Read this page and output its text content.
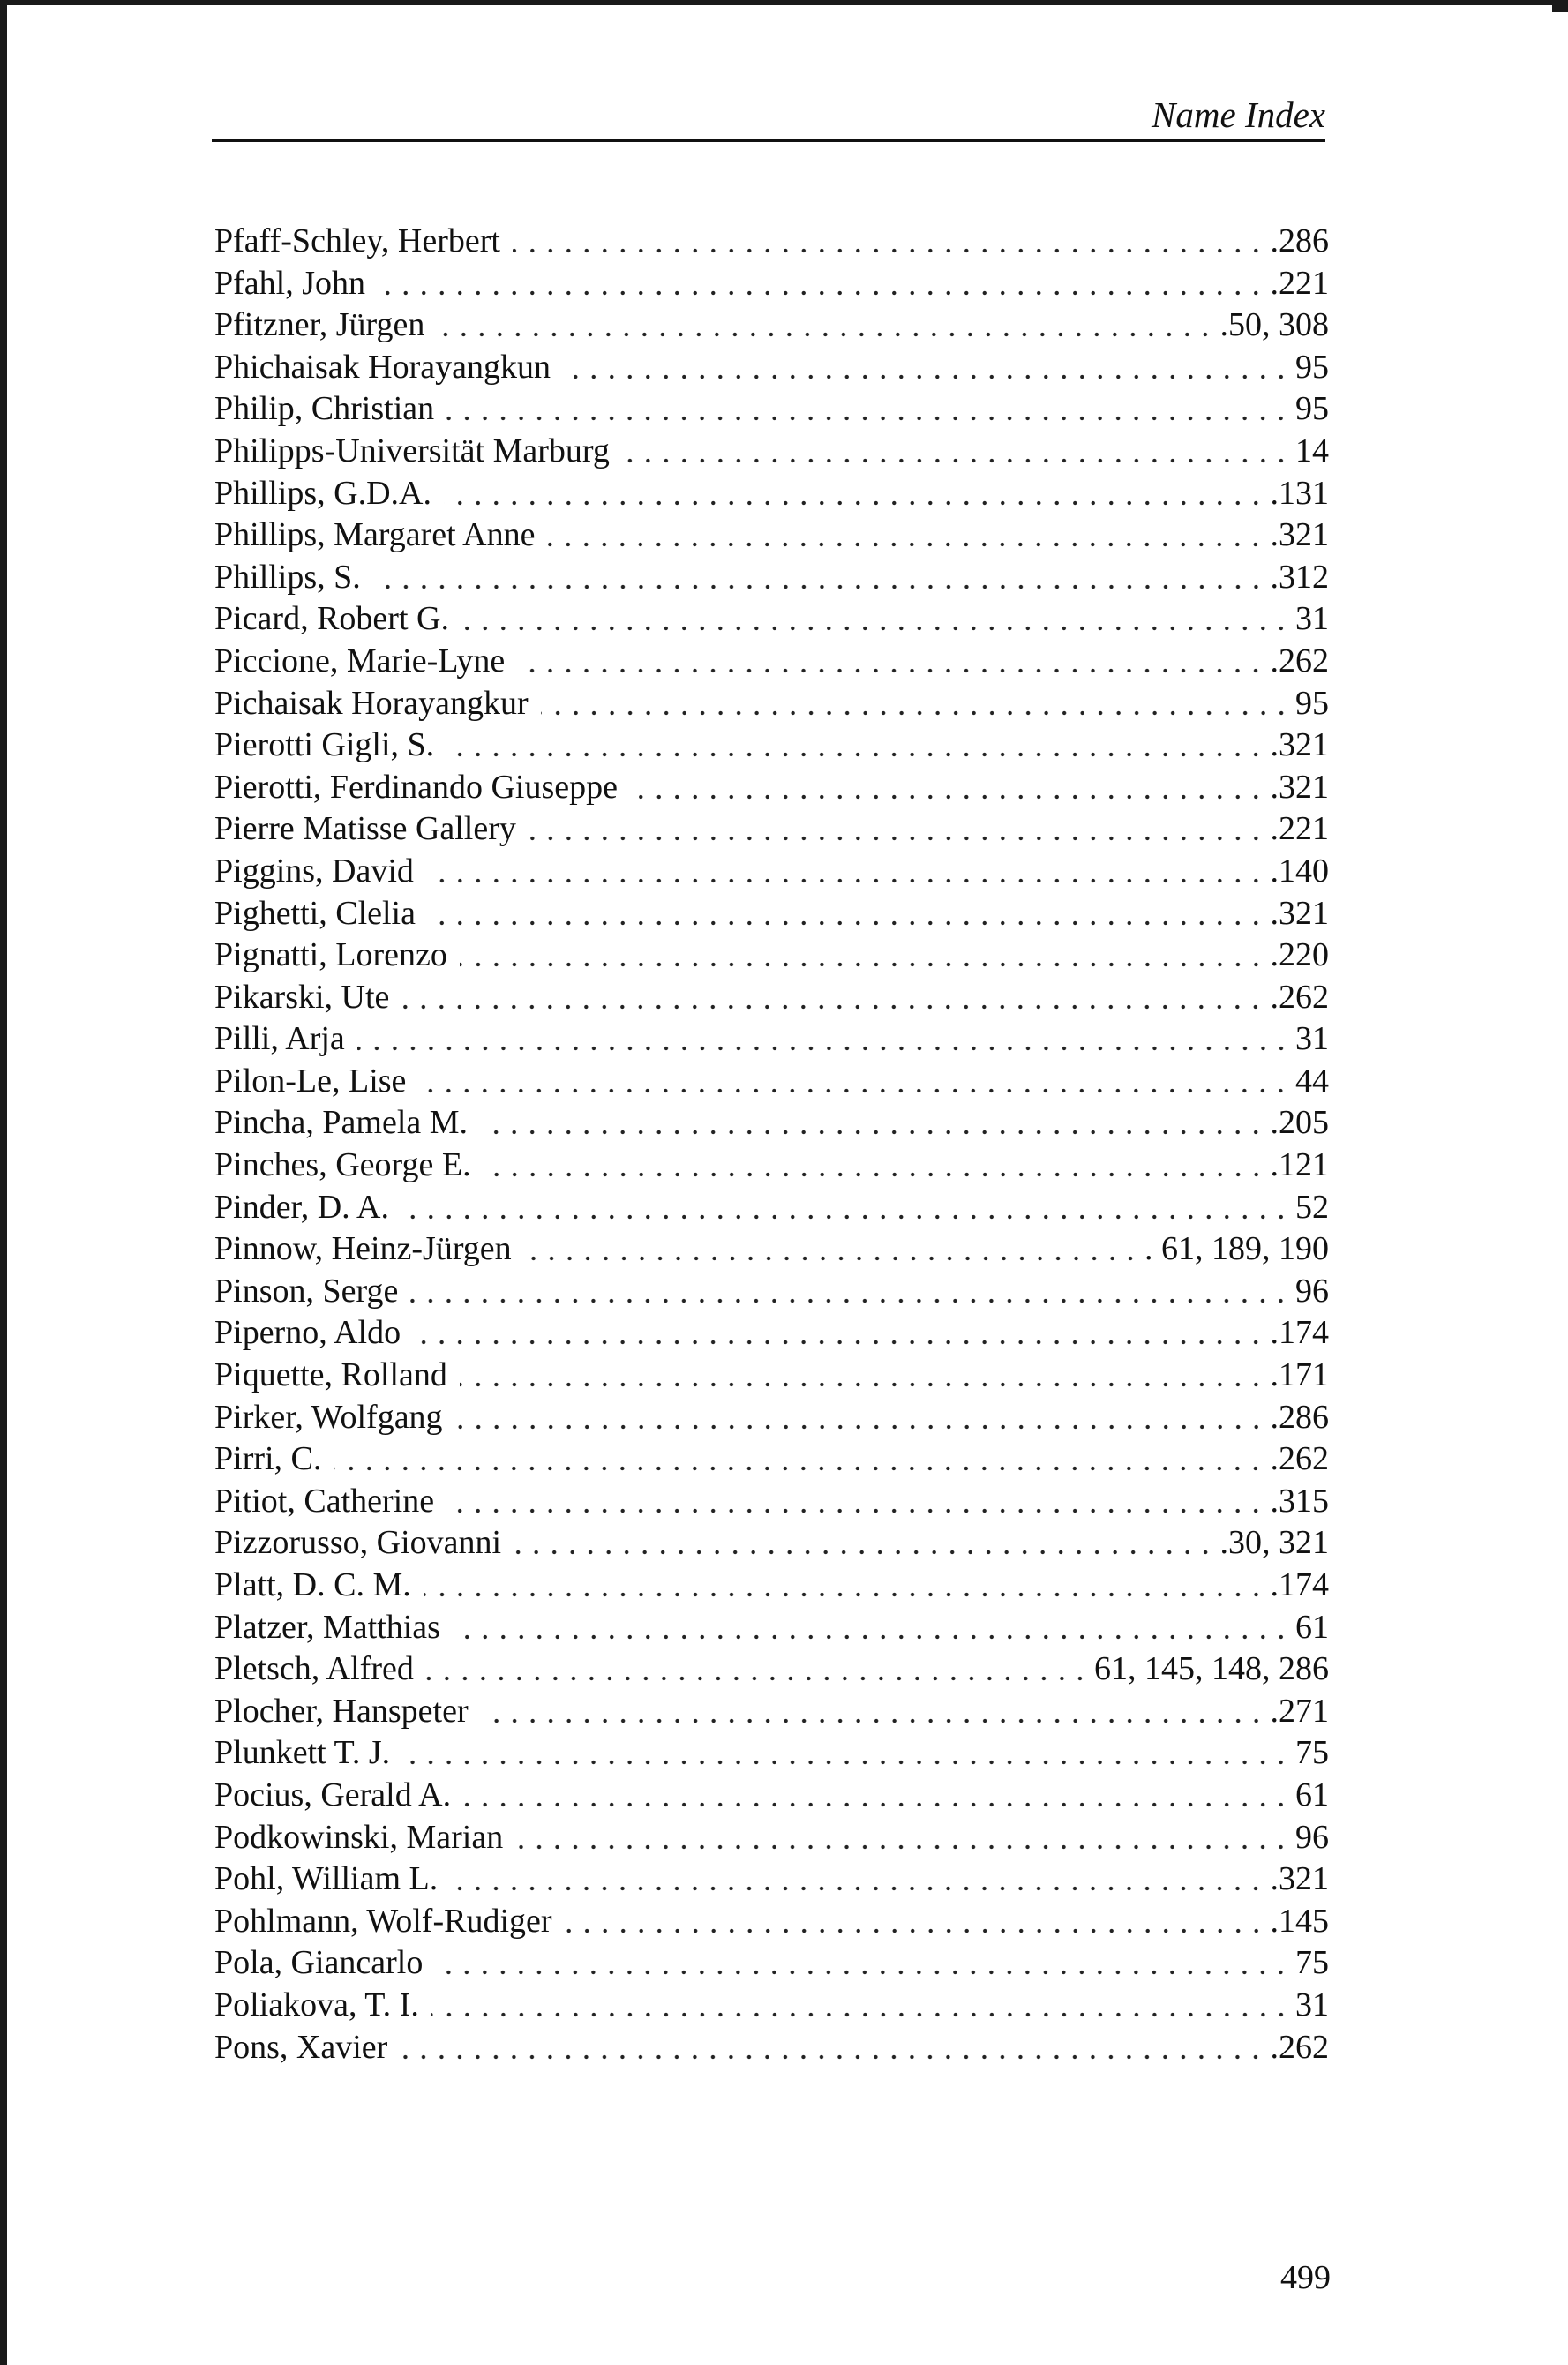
Name Index
Pfaff-Schley, Herbert	.286
Pfahl, John	.221
Pfitzner, Jürgen	.50, 308
Phichaisak Horayangkun	95
Philip, Christian	95
Philipps-Universität Marburg	14
Phillips, G.D.A.	.131
Phillips, Margaret Anne	.321
Phillips, S.	.312
Picard, Robert G.	31
Piccione, Marie-Lyne	.262
Pichaisak Horayangkur	95
Pierotti Gigli, S.	.321
Pierotti, Ferdinando Giuseppe	.321
Pierre Matisse Gallery	.221
Piggins, David	.140
Pighetti, Clelia	.321
Pignatti, Lorenzo	.220
Pikarski, Ute	.262
Pilli, Arja	31
Pilon-Le, Lise	44
Pincha, Pamela M.	.205
Pinches, George E.	.121
Pinder, D. A.	52
Pinnow, Heinz-Jürgen	. 61, 189, 190
Pinson, Serge	96
Piperno, Aldo	.174
Piquette, Rolland	.171
Pirker, Wolfgang	.286
Pirri, C.	.262
Pitiot, Catherine	.315
Pizzorusso, Giovanni	.30, 321
Platt, D. C. M.	.174
Platzer, Matthias	61
Pletsch, Alfred	61, 145, 148, 286
Plocher, Hanspeter	.271
Plunkett T. J.	75
Pocius, Gerald A.	61
Podkowinski, Marian	96
Pohl, William L.	.321
Pohlmann, Wolf-Rudiger	.145
Pola, Giancarlo	75
Poliakova, T. I.	31
Pons, Xavier	.262
499
